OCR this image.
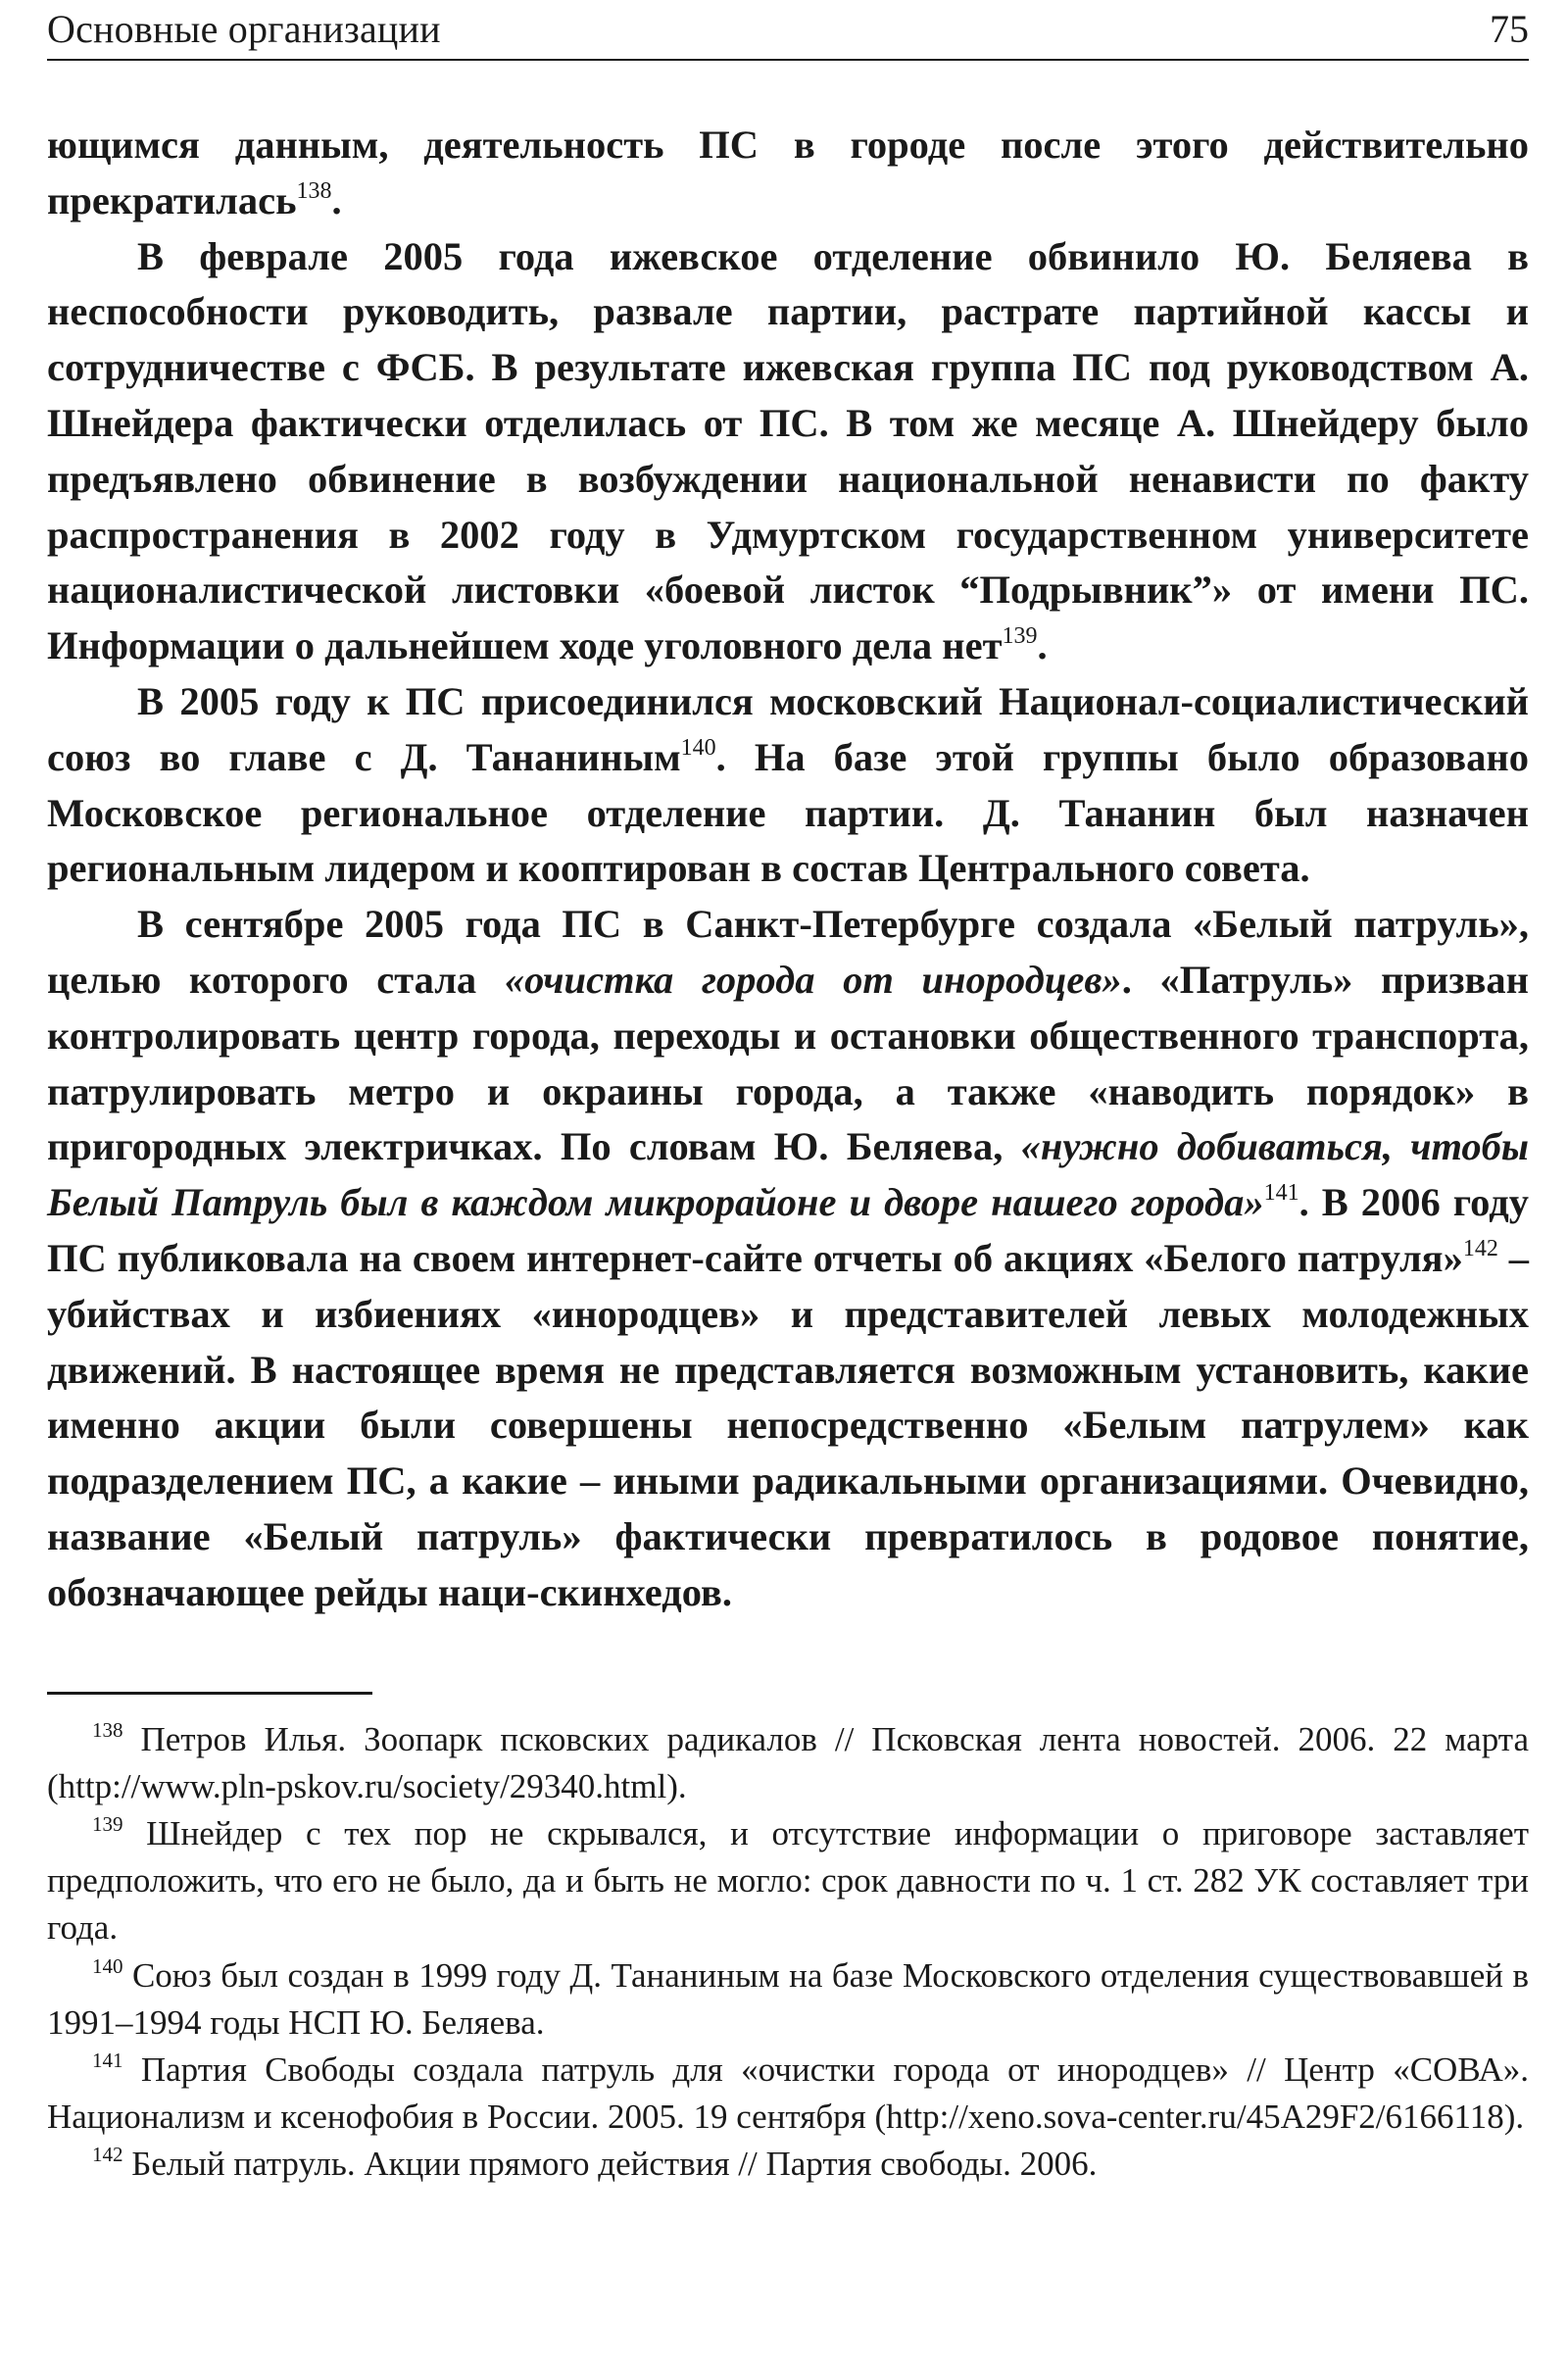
Основные организации	75

ющимся данным, деятельность ПС в городе после этого действительно прекратилась$^{138}$.

В феврале 2005 года ижевское отделение обвинило Ю. Беляева в неспособности руководить, развале партии, растрате партийной кассы и сотрудничестве с ФСБ. В результате ижевская группа ПС под руководством А. Шнейдера фактически отделилась от ПС. В том же месяце А. Шнейдеру было предъявлено обвинение в возбуждении национальной ненависти по факту распространения в 2002 году в Удмуртском государственном университете националистической листовки «боевой листок “Подрывник”» от имени ПС. Информации о дальнейшем ходе уголовного дела нет$^{139}$.

В 2005 году к ПС присоединился московский Национал-социалистический союз во главе с Д. Тананиным$^{140}$. На базе этой группы было образовано Московское региональное отделение партии. Д. Тананин был назначен региональным лидером и кооптирован в состав Центрального совета.

В сентябре 2005 года ПС в Санкт-Петербурге создала «Белый патруль», целью которого стала «очистка города от инородцев». «Патруль» призван контролировать центр города, переходы и остановки общественного транспорта, патрулировать метро и окраины города, а также «наводить порядок» в пригородных электричках. По словам Ю. Беляева, «нужно добиваться, чтобы Белый Патруль был в каждом микрорайоне и дворе нашего города»$^{141}$. В 2006 году ПС публиковала на своем интернет-сайте отчеты об акциях «Белого патруля»$^{142}$ – убийствах и избиениях «инородцев» и представителей левых молодежных движений. В настоящее время не представляется возможным установить, какие именно акции были совершены непосредственно «Белым патрулем» как подразделением ПС, а какие – иными радикальными организациями. Очевидно, название «Белый патруль» фактически превратилось в родовое понятие, обозначающее рейды наци-скинхедов.

$^{138}$ Петров Илья. Зоопарк псковских радикалов // Псковская лента новостей. 2006. 22 марта (http://www.pln-pskov.ru/society/29340.html).

$^{139}$ Шнейдер с тех пор не скрывался, и отсутствие информации о приговоре заставляет предположить, что его не было, да и быть не могло: срок давности по ч. 1 ст. 282 УК составляет три года.

$^{140}$ Союз был создан в 1999 году Д. Тананиным на базе Московского отделения существовавшей в 1991–1994 годы НСП Ю. Беляева.

$^{141}$ Партия Свободы создала патруль для «очистки города от инородцев» // Центр «СОВА». Национализм и ксенофобия в России. 2005. 19 сентября (http://xeno.sova-center.ru/45A29F2/6166118).

$^{142}$ Белый патруль. Акции прямого действия // Партия свободы. 2006.
